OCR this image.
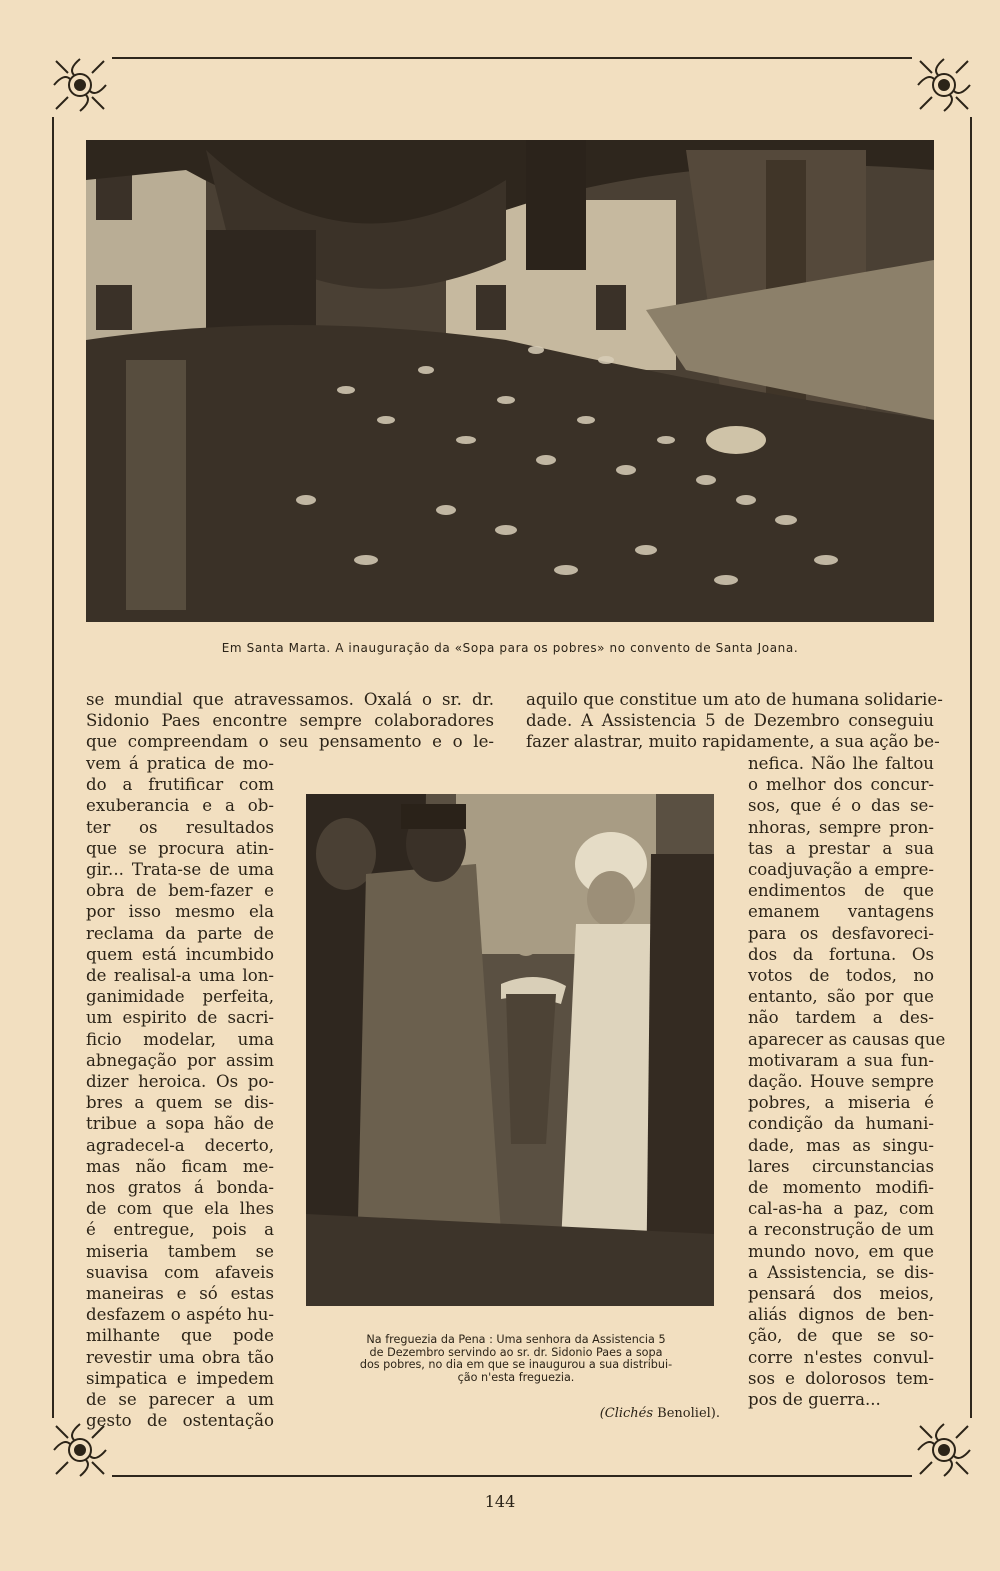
Em Santa Marta. A inauguração da «Sopa para os pobres» no convento de Santa Joana.
se mundial que atravessamos. Oxalá o sr. dr.
Sidonio Paes encontre sempre colaboradores
que compreendam o seu pensamento e o le-
aquilo que constitue um ato de humana solidarie-
dade. A Assistencia 5 de Dezembro conseguiu
fazer alastrar, muito rapidamente, a sua ação be-
vem á pratica de mo-
do a frutificar com
exuberancia e a ob-
ter os resultados
que se procura atin-
gir... Trata-se de uma
obra de bem-fazer e
por isso mesmo ela
reclama da parte de
quem está incumbido
de realisal-a uma lon-
ganimidade perfeita,
um espirito de sacri-
ficio modelar, uma
abnegação por assim
dizer heroica. Os po-
bres a quem se dis-
tribue a sopa hão de
agradecel-a decerto,
mas não ficam me-
nos gratos á bonda-
de com que ela lhes
é entregue, pois a
miseria tambem se
suavisa com afaveis
maneiras e só estas
desfazem o aspéto hu-
milhante que pode
revestir uma obra tão
simpatica e impedem
de se parecer a um
gesto de ostentação
nefica. Não lhe faltou
o melhor dos concur-
sos, que é o das se-
nhoras, sempre pron-
tas a prestar a sua
coadjuvação a empre-
endimentos de que
emanem vantagens
para os desfavoreci-
dos da fortuna. Os
votos de todos, no
entanto, são por que
não tardem a des-
aparecer as causas que
motivaram a sua fun-
dação. Houve sempre
pobres, a miseria é
condição da humani-
dade, mas as singu-
lares circunstancias
de momento modifi-
cal-as-ha a paz, com
a reconstrução de um
mundo novo, em que
a Assistencia, se dis-
pensará dos meios,
aliás dignos de ben-
ção, de que se so-
corre n'estes convul-
sos e dolorosos tem-
pos de guerra...
Na freguezia da Pena : Uma senhora da Assistencia 5
de Dezembro servindo ao sr. dr. Sidonio Paes a sopa
dos pobres, no dia em que se inaugurou a sua distribui-
ção n'esta freguezia.
(Clichés Benoliel).
144
